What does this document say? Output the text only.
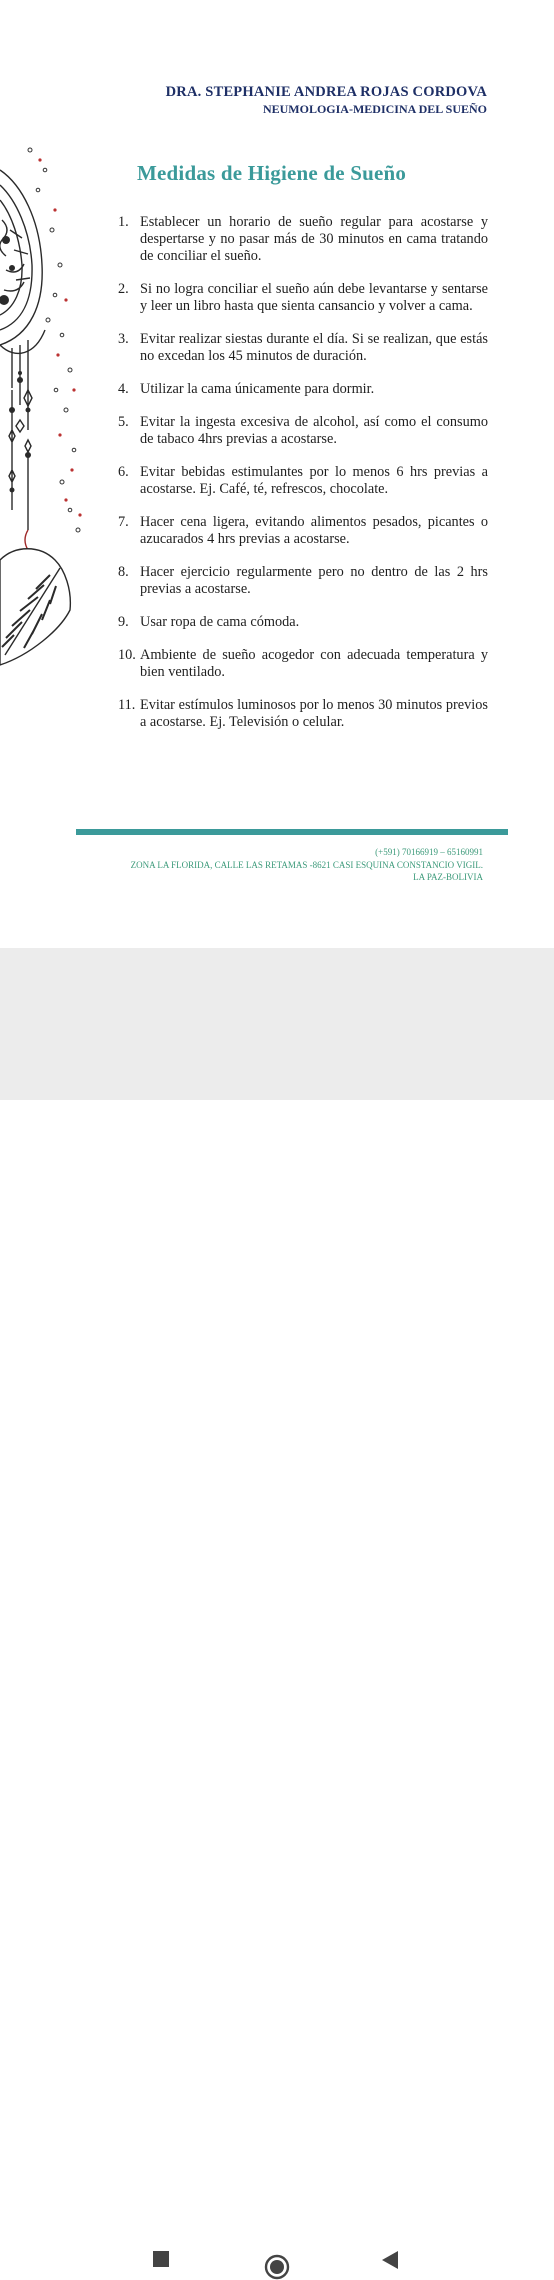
DRA. STEPHANIE ANDREA ROJAS CORDOVA
NEUMOLOGIA-MEDICINA DEL SUEÑO
Medidas de Higiene de Sueño
1. Establecer un horario de sueño regular para acostarse y despertarse y no pasar más de 30 minutos en cama tratando de conciliar el sueño.
2. Si no logra conciliar el sueño aún debe levantarse y sentarse y leer un libro hasta que sienta cansancio y volver a cama.
3. Evitar realizar siestas durante el día. Si se realizan, que estás no excedan los 45 minutos de duración.
4. Utilizar la cama únicamente para dormir.
5. Evitar la ingesta excesiva de alcohol, así como el consumo de tabaco 4hrs previas a acostarse.
6. Evitar bebidas estimulantes por lo menos 6 hrs previas a acostarse. Ej. Café, té, refrescos, chocolate.
7. Hacer cena ligera, evitando alimentos pesados, picantes o azucarados 4 hrs previas a acostarse.
8. Hacer ejercicio regularmente pero no dentro de las 2 hrs previas a acostarse.
9. Usar ropa de cama cómoda.
10. Ambiente de sueño acogedor con adecuada temperatura y bien ventilado.
11. Evitar estímulos luminosos por lo menos 30 minutos previos a acostarse. Ej. Televisión o celular.
(+591) 70166919 – 65160991
ZONA LA FLORIDA, CALLE LAS RETAMAS -8621 CASI ESQUINA CONSTANCIO VIGIL.
LA PAZ-BOLIVIA
